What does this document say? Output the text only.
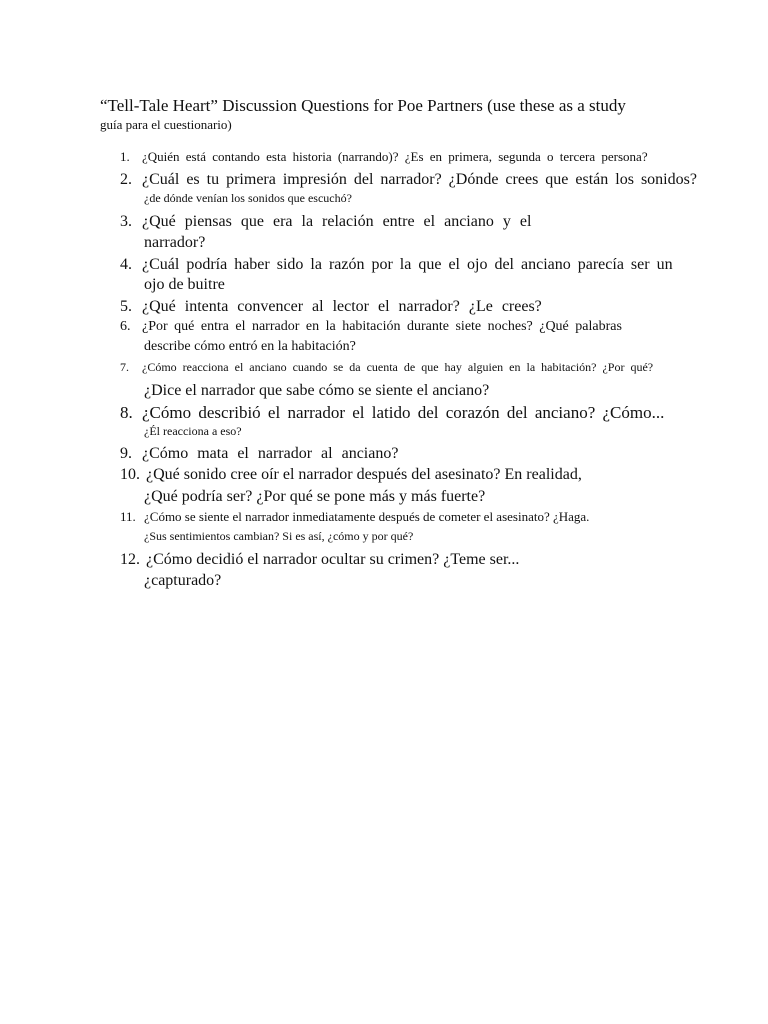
“Tell-Tale Heart” Discussion Questions for Poe Partners (use these as a study
guía para el cuestionario)
1. ¿Quién está contando esta historia (narrando)? ¿Es en primera, segunda o tercera persona?
2. ¿Cuál es tu primera impresión del narrador? ¿Dónde crees que están los sonidos?
¿de dónde venían los sonidos que escuchó?
3. ¿Qué piensas que era la relación entre el anciano y el
narrador?
4. ¿Cuál podría haber sido la razón por la que el ojo del anciano parecía ser un
ojo de buitre
5. ¿Qué intenta convencer al lector el narrador? ¿Le crees?
6. ¿Por qué entra el narrador en la habitación durante siete noches? ¿Qué palabras
describe cómo entró en la habitación?
7. ¿Cómo reacciona el anciano cuando se da cuenta de que hay alguien en la habitación? ¿Por qué?
¿Dice el narrador que sabe cómo se siente el anciano?
8. ¿Cómo describió el narrador el latido del corazón del anciano? ¿Cómo...
¿Él reacciona a eso?
9. ¿Cómo mata el narrador al anciano?
10. ¿Qué sonido cree oír el narrador después del asesinato? En realidad,
¿Qué podría ser? ¿Por qué se pone más y más fuerte?
11. ¿Cómo se siente el narrador inmediatamente después de cometer el asesinato? ¿Haga.
¿Sus sentimientos cambian? Si es así, ¿cómo y por qué?
12. ¿Cómo decidió el narrador ocultar su crimen? ¿Teme ser...
¿capturado?
